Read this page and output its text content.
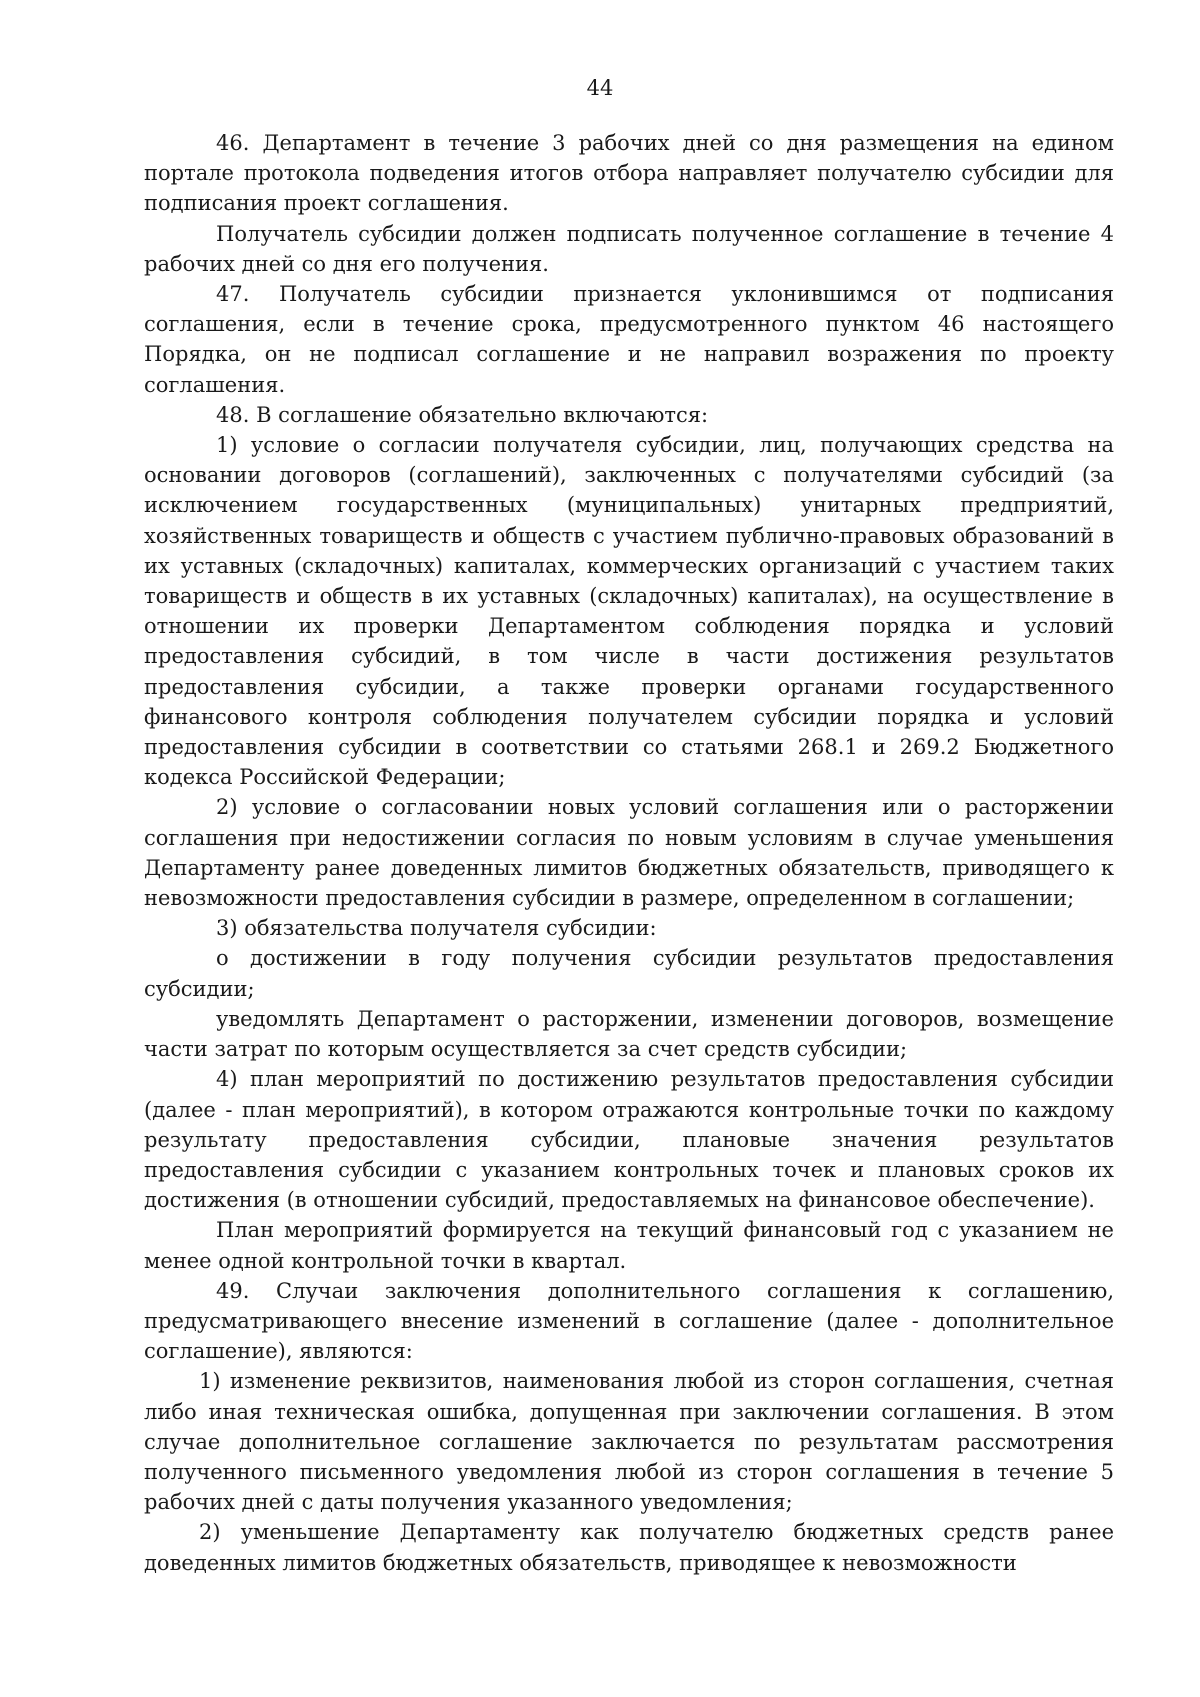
44

46. Департамент в течение 3 рабочих дней со дня размещения на едином портале протокола подведения итогов отбора направляет получателю субсидии для подписания проект соглашения.

Получатель субсидии должен подписать полученное соглашение в течение 4 рабочих дней со дня его получения.

47. Получатель субсидии признается уклонившимся от подписания соглашения, если в течение срока, предусмотренного пунктом 46 настоящего Порядка, он не подписал соглашение и не направил возражения по проекту соглашения.

48. В соглашение обязательно включаются:

1) условие о согласии получателя субсидии, лиц, получающих средства на основании договоров (соглашений), заключенных с получателями субсидий (за исключением государственных (муниципальных) унитарных предприятий, хозяйственных товариществ и обществ с участием публично-правовых образований в их уставных (складочных) капиталах, коммерческих организаций с участием таких товариществ и обществ в их уставных (складочных) капиталах), на осуществление в отношении их проверки Департаментом соблюдения порядка и условий предоставления субсидий, в том числе в части достижения результатов предоставления субсидии, а также проверки органами государственного финансового контроля соблюдения получателем субсидии порядка и условий предоставления субсидии в соответствии со статьями 268.1 и 269.2 Бюджетного кодекса Российской Федерации;

2) условие о согласовании новых условий соглашения или о расторжении соглашения при недостижении согласия по новым условиям в случае уменьшения Департаменту ранее доведенных лимитов бюджетных обязательств, приводящего к невозможности предоставления субсидии в размере, определенном в соглашении;

3) обязательства получателя субсидии:

о достижении в году получения субсидии результатов предоставления субсидии;

уведомлять Департамент о расторжении, изменении договоров, возмещение части затрат по которым осуществляется за счет средств субсидии;

4) план мероприятий по достижению результатов предоставления субсидии (далее - план мероприятий), в котором отражаются контрольные точки по каждому результату предоставления субсидии, плановые значения результатов предоставления субсидии с указанием контрольных точек и плановых сроков их достижения (в отношении субсидий, предоставляемых на финансовое обеспечение).

План мероприятий формируется на текущий финансовый год с указанием не менее одной контрольной точки в квартал.

49. Случаи заключения дополнительного соглашения к соглашению, предусматривающего внесение изменений в соглашение (далее - дополнительное соглашение), являются:

1) изменение реквизитов, наименования любой из сторон соглашения, счетная либо иная техническая ошибка, допущенная при заключении соглашения. В этом случае дополнительное соглашение заключается по результатам рассмотрения полученного письменного уведомления любой из сторон соглашения в течение 5 рабочих дней с даты получения указанного уведомления;

2) уменьшение Департаменту как получателю бюджетных средств ранее доведенных лимитов бюджетных обязательств, приводящее к невозможности
